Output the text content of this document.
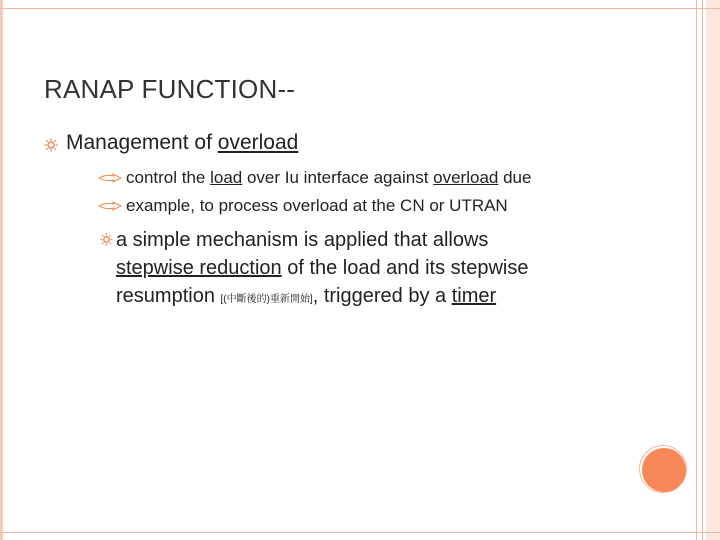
RANAP FUNCTION--
Management of overload
control the load over Iu interface against overload due
example, to process overload at the CN or UTRAN
a simple mechanism is applied that allows
stepwise reduction of the load and its stepwise
resumption [(中斷後的)重新開始], triggered by a timer
